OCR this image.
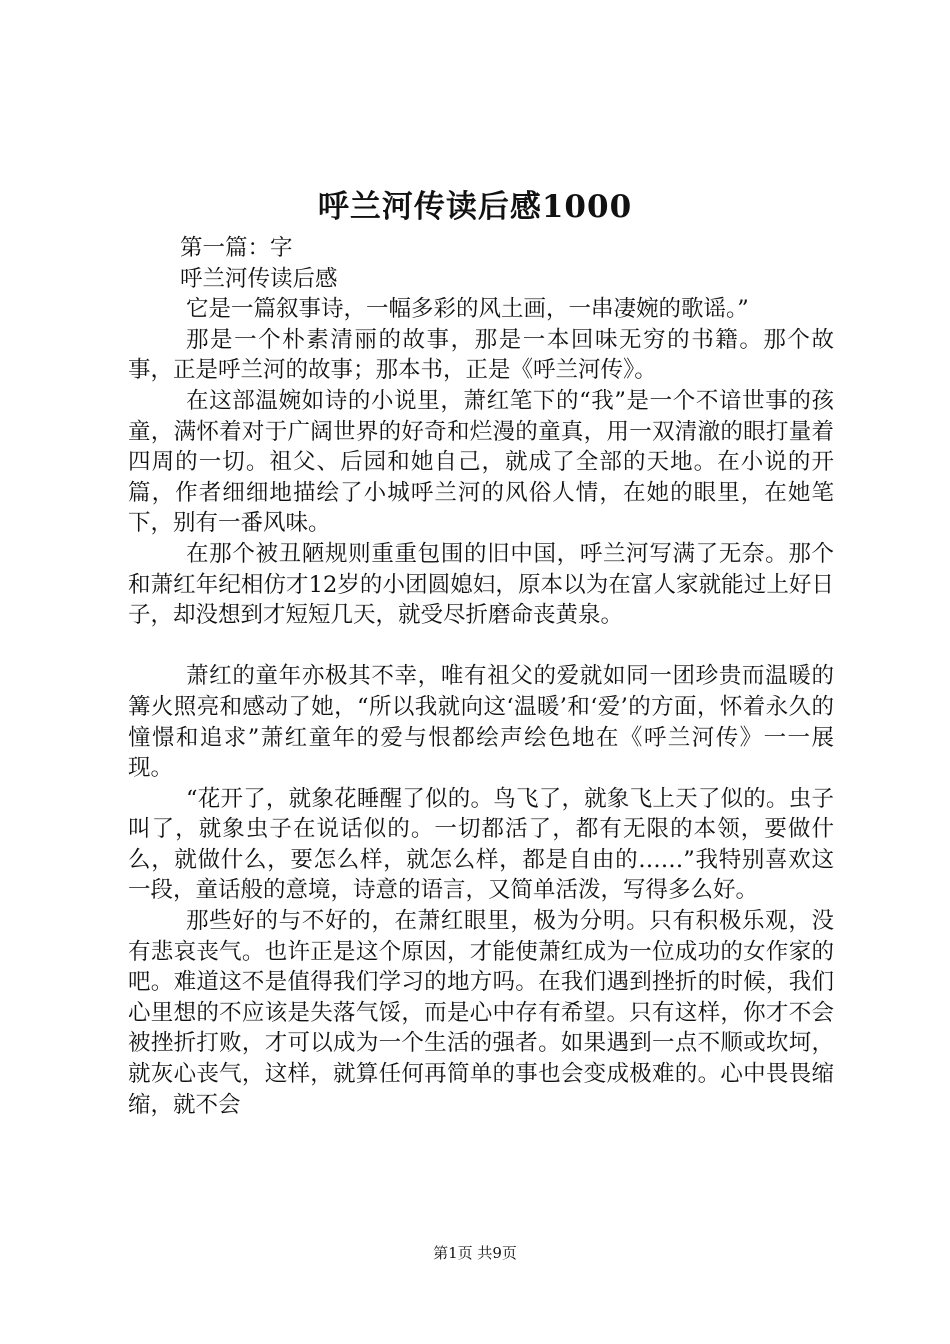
呼兰河传读后感1000

第一篇：字

呼兰河传读后感

它是一篇叙事诗，一幅多彩的风土画，一串凄婉的歌谣。”

那是一个朴素清丽的故事，那是一本回味无穷的书籍。那个故事，正是呼兰河的故事；那本书，正是《呼兰河传》。

在这部温婉如诗的小说里，萧红笔下的“我”是一个不谙世事的孩童，满怀着对于广阔世界的好奇和烂漫的童真，用一双清澈的眼打量着四周的一切。祖父、后园和她自己，就成了全部的天地。在小说的开篇，作者细细地描绘了小城呼兰河的风俗人情，在她的眼里，在她笔下，别有一番风味。

在那个被丑陋规则重重包围的旧中国，呼兰河写满了无奈。那个和萧红年纪相仿才12岁的小团圆媳妇，原本以为在富人家就能过上好日子，却没想到才短短几天，就受尽折磨命丧黄泉。

萧红的童年亦极其不幸，唯有祖父的爱就如同一团珍贵而温暖的篝火照亮和感动了她，“所以我就向这‘温暖’和‘爱’的方面，怀着永久的憧憬和追求”萧红童年的爱与恨都绘声绘色地在《呼兰河传》一一展现。

“花开了，就象花睡醒了似的。鸟飞了，就象飞上天了似的。虫子叫了，就象虫子在说话似的。一切都活了，都有无限的本领，要做什么，就做什么，要怎么样，就怎么样，都是自由的……”我特别喜欢这一段，童话般的意境，诗意的语言，又简单活泼，写得多么好。

那些好的与不好的，在萧红眼里，极为分明。只有积极乐观，没有悲哀丧气。也许正是这个原因，才能使萧红成为一位成功的女作家的吧。难道这不是值得我们学习的地方吗。在我们遇到挫折的时候，我们心里想的不应该是失落气馁，而是心中存有希望。只有这样，你才不会被挫折打败，才可以成为一个生活的强者。如果遇到一点不顺或坎坷，就灰心丧气，这样，就算任何再简单的事也会变成极难的。心中畏畏缩缩，就不会

第1页 共9页
